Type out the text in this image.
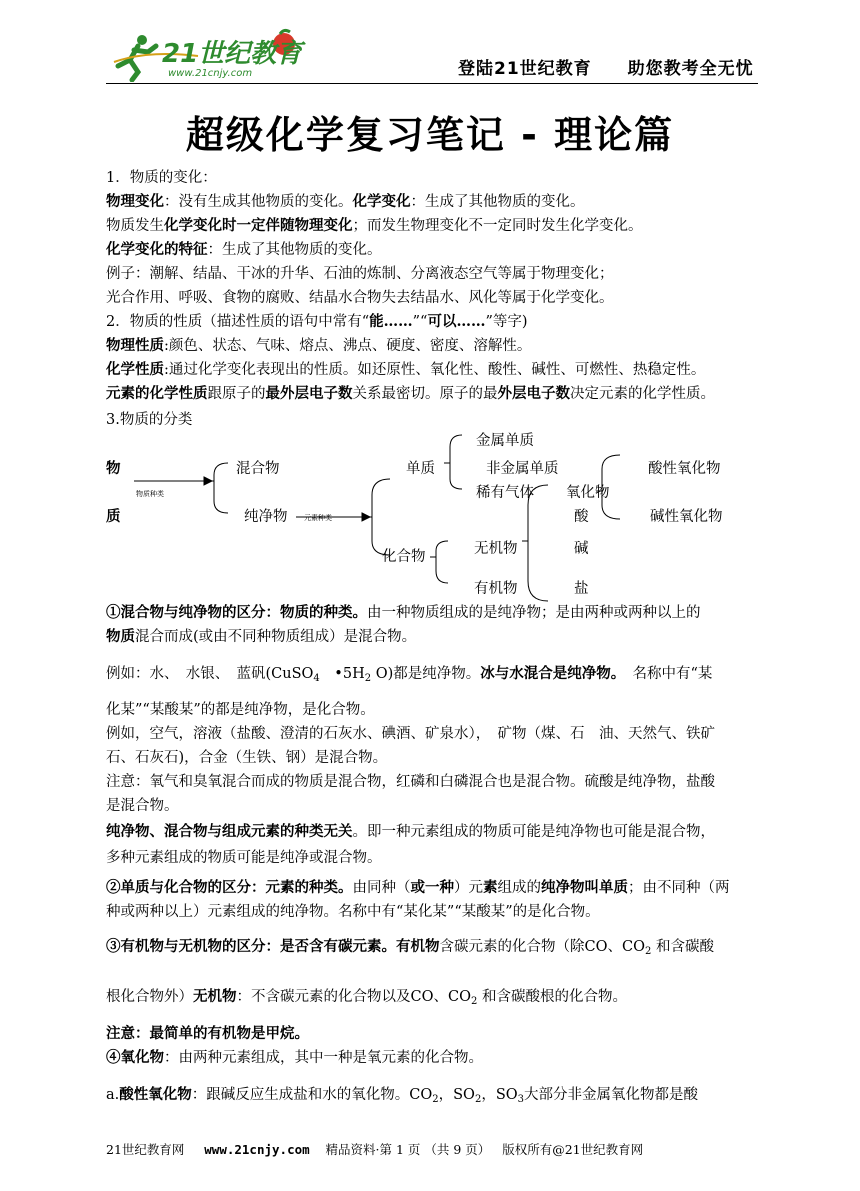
21世纪教育
www.21cnjy.com	登陆21世纪教育　　助您教考全无忧
超级化学复习笔记 - 理论篇
1．物质的变化：
物理变化：没有生成其他物质的变化。化学变化：生成了其他物质的变化。
物质发生化学变化时一定伴随物理变化；而发生物理变化不一定同时发生化学变化。
化学变化的特征：生成了其他物质的变化。
例子：潮解、结晶、干冰的升华、石油的炼制、分离液态空气等属于物理变化；
光合作用、呼吸、食物的腐败、结晶水合物失去结晶水、风化等属于化学变化。
2．物质的性质（描述性质的语句中常有“能……”“可以……”等字)
物理性质:颜色、状态、气味、熔点、沸点、硬度、密度、溶解性。
化学性质:通过化学变化表现出的性质。如还原性、氧化性、酸性、碱性、可燃性、热稳定性。
元素的化学性质跟原子的最外层电子数关系最密切。原子的最外层电子数决定元素的化学性质。
3.物质的分类
①混合物与纯净物的区分：物质的种类。由一种物质组成的是纯净物；是由两种或两种以上的
物质混合而成(或由不同种物质组成）是混合物。
例如：水、　水银、　蓝矾(CuSO$_4$　$•5H_2$ O)都是纯净物。冰与水混合是纯净物。　名称中有“某
化某”“某酸某”的都是纯净物，是化合物。
例如，空气，溶液（盐酸、澄清的石灰水、碘酒、矿泉水），　矿物（煤、石　油、天然气、铁矿
石、石灰石)，合金（生铁、钢）是混合物。
注意：氧气和臭氧混合而成的物质是混合物，红磷和白磷混合也是混合物。硫酸是纯净物，盐酸
是混合物。
纯净物、混合物与组成元素的种类无关。即一种元素组成的物质可能是纯净物也可能是混合物，
多种元素组成的物质可能是纯净或混合物。
②单质与化合物的区分：元素的种类。由同种（或一种）元素组成的纯净物叫单质；由不同种（两
种或两种以上）元素组成的纯净物。名称中有“某化某”“某酸某”的是化合物。
③有机物与无机物的区分：是否含有碳元素。有机物含碳元素的化合物（除CO、$CO_2$ 和含碳酸
根化合物外）无机物：不含碳元素的化合物以及CO、$CO_2$ 和含碳酸根的化合物。
注意：最简单的有机物是甲烷。
④氧化物：由两种元素组成，其中一种是氧元素的化合物。
a.酸性氧化物：跟碱反应生成盐和水的氧化物。$CO_2$，$SO_2$，$SO_3$大部分非金属氧化物都是酸
物
质
物质种类
混合物
纯净物 元素种类
单质
金属单质
非金属单质
稀有气体
化合物	无机物
有机物
氧化物
酸
碱
盐
酸性氧化物
碱性氧化物
21世纪教育网 www.21cnjy.com 精品资料·第 1 页 （共 9 页） 版权所有@21世纪教育网
